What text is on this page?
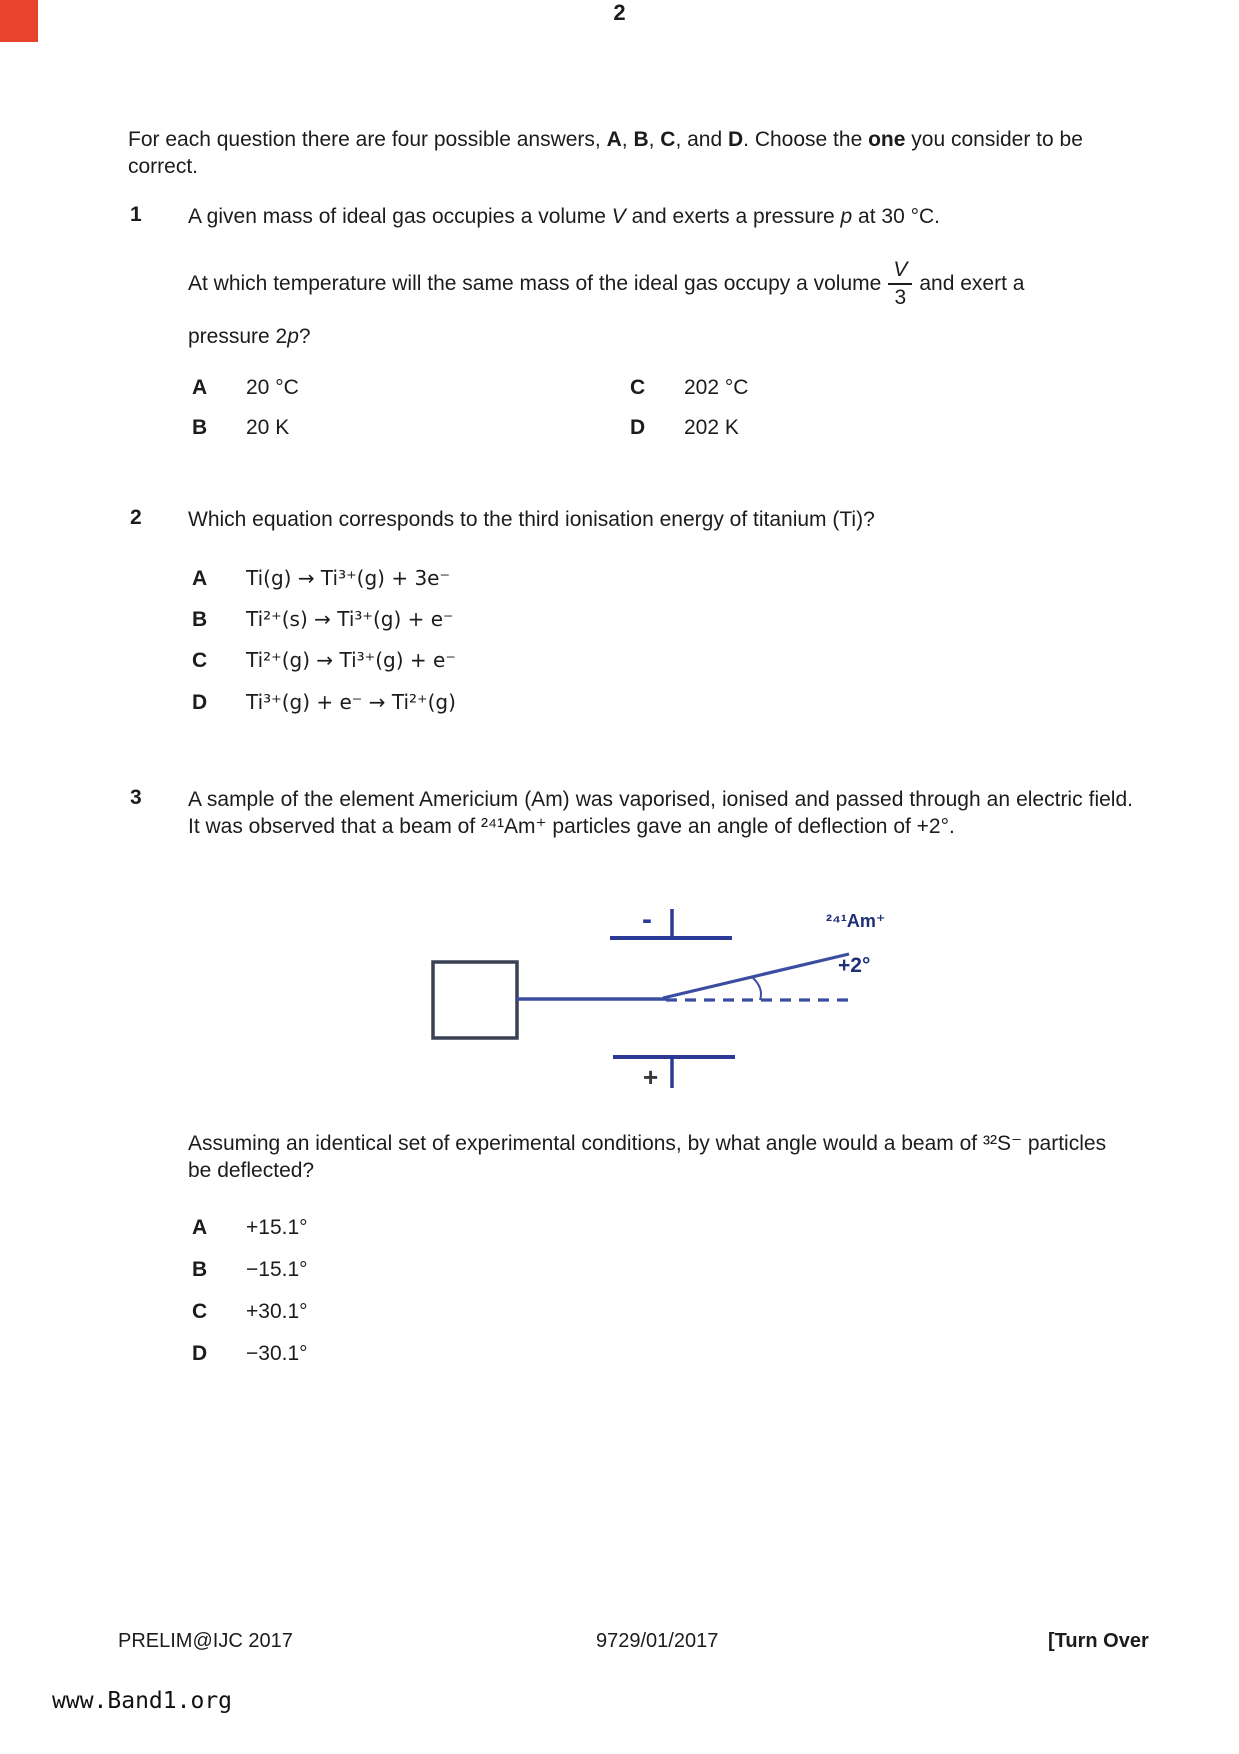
2
For each question there are four possible answers, A, B, C, and D. Choose the one you consider to be correct.
1 A given mass of ideal gas occupies a volume V and exerts a pressure p at 30 °C.
At which temperature will the same mass of the ideal gas occupy a volume $\frac{V}{3}$ and exert a
pressure 2p?
A	20 °C
B	20 K
C	202 °C
D	202 K
2 Which equation corresponds to the third ionisation energy of titanium (Ti)?
A	Ti(g) → Ti³⁺(g) + 3e⁻
B	Ti²⁺(s) → Ti³⁺(g) + e⁻
C	Ti²⁺(g) → Ti³⁺(g) + e⁻
D	Ti³⁺(g) + e⁻ → Ti²⁺(g)
3 A sample of the element Americium (Am) was vaporised, ionised and passed through an electric field. It was observed that a beam of ²⁴¹Am⁺ particles gave an angle of deflection of +2°.
-
+
²⁴¹Am⁺
+2°
Assuming an identical set of experimental conditions, by what angle would a beam of ³²S⁻ particles be deflected?
A	+15.1°
B	−15.1°
C	+30.1°
D	−30.1°
PRELIM@IJC 2017	9729/01/2017	[Turn Over
www.Band1.org
